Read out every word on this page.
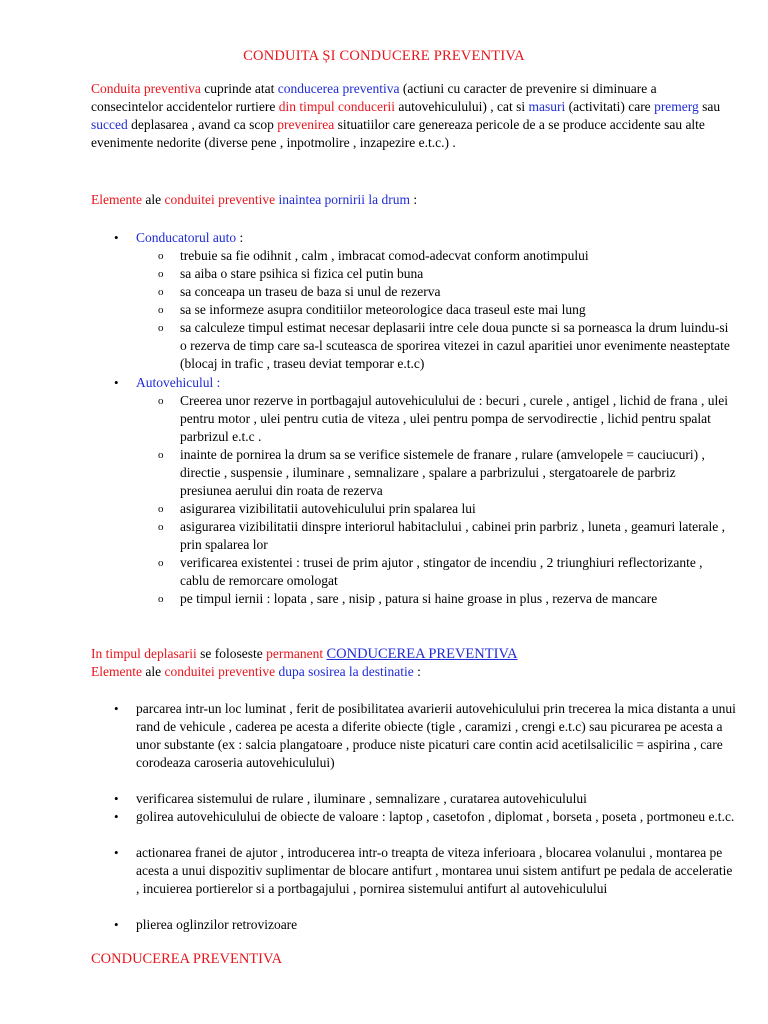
CONDUITA ȘI CONDUCERE PREVENTIVA
Conduita preventiva cuprinde atat conducerea preventiva (actiuni cu caracter de prevenire si diminuare a consecintelor accidentelor rurtiere din timpul conducerii autovehiculului) , cat si masuri (activitati) care premerg sau succed deplasarea , avand ca scop prevenirea situatiilor care genereaza pericole de a se produce accidente sau alte evenimente nedorite (diverse pene , inpotmolire , inzapezire e.t.c.) .
Elemente ale conduitei preventive inaintea pornirii la drum :
• Conducatorul auto :
o trebuie sa fie odihnit , calm , imbracat comod-adecvat conform anotimpului
o sa aiba o stare psihica si fizica cel putin buna
o sa conceapa un traseu de baza si unul de rezerva
o sa se informeze asupra conditiilor meteorologice daca traseul este mai lung
o sa calculeze timpul estimat necesar deplasarii intre cele doua puncte si sa porneasca la drum luindu-si o rezerva de timp care sa-l scuteasca de sporirea vitezei in cazul aparitiei unor evenimente neasteptate (blocaj in trafic , traseu deviat temporar e.t.c)
• Autovehiculul :
o Creerea unor rezerve in portbagajul autovehiculului de : becuri , curele , antigel , lichid de frana , ulei pentru motor , ulei pentru cutia de viteza , ulei pentru pompa de servodirectie , lichid pentru spalat parbrizul e.t.c .
o inainte de pornirea la drum sa se verifice sistemele de franare , rulare (amvelopele = cauciucuri) , directie , suspensie , iluminare , semnalizare , spalare a parbrizului , stergatoarele de parbriz presiunea aerului din roata de rezerva
o asigurarea vizibilitatii autovehiculului prin spalarea lui
o asigurarea vizibilitatii dinspre interiorul habitaclului , cabinei prin parbriz , luneta , geamuri laterale , prin spalarea lor
o verificarea existentei : trusei de prim ajutor , stingator de incendiu , 2 triunghiuri reflectorizante , cablu de remorcare omologat
o pe timpul iernii : lopata , sare , nisip , patura si haine groase in plus , rezerva de mancare
In timpul deplasarii se foloseste permanent CONDUCEREA PREVENTIVA
Elemente ale conduitei preventive dupa sosirea la destinatie :
• parcarea intr-un loc luminat , ferit de posibilitatea avarierii autovehiculului prin trecerea la mica distanta a unui rand de vehicule , caderea pe acesta a diferite obiecte (tigle , caramizi , crengi e.t.c) sau picurarea pe acesta a unor substante (ex : salcia plangatoare , produce niste picaturi care contin acid acetilsalicilic = aspirina , care corodeaza caroseria autovehiculului)
• verificarea sistemului de rulare , iluminare , semnalizare , curatarea autovehiculului
• golirea autovehiculului de obiecte de valoare : laptop , casetofon , diplomat , borseta , poseta , portmoneu e.t.c.
• actionarea franei de ajutor , introducerea intr-o treapta de viteza inferioara , blocarea volanului , montarea pe acesta a unui dispozitiv suplimentar de blocare antifurt , montarea unui sistem antifurt pe pedala de acceleratie , incuierea portierelor si a portbagajului , pornirea sistemului antifurt al autovehiculului
• plierea oglinzilor retrovizoare
CONDUCEREA PREVENTIVA
